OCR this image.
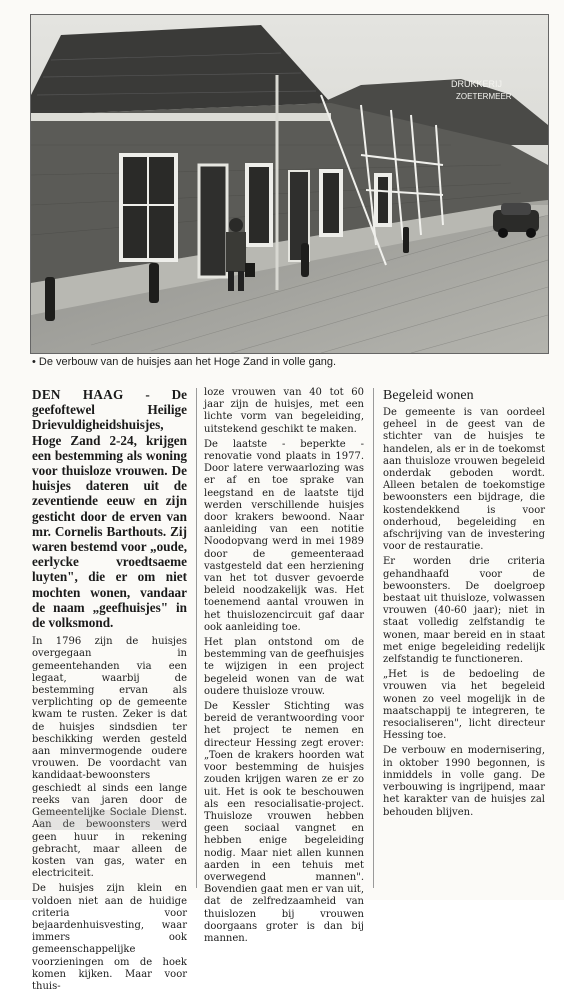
DRUKKERIJ
ZOETERMEER
• De verbouw van de huisjes aan het Hoge Zand in volle gang.

DEN HAAG - De geefoftewel Heilige Drievuldigheidshuisjes, Hoge Zand 2-24, krijgen een bestemming als woning voor thuisloze vrouwen. De huisjes dateren uit de zeventiende eeuw en zijn gesticht door de erven van mr. Cornelis Barthouts. Zij waren bestemd voor „oude, eerlycke vroedtsaeme luyten", die er om niet mochten wonen, vandaar de naam „geefhuisjes" in de volksmond.

In 1796 zijn de huisjes overgegaan in gemeentehanden via een legaat, waarbij de bestemming ervan als verplichting op de gemeente kwam te rusten. Zeker is dat de huisjes sindsdien ter beschikking werden gesteld aan minvermogende oudere vrouwen. De voordacht van kandidaat-bewoonsters geschiedt al sinds een lange reeks van jaren door de Gemeentelijke Sociale Dienst. Aan de bewoonsters werd geen huur in rekening gebracht, maar alleen de kosten van gas, water en electriciteit.

De huisjes zijn klein en voldoen niet aan de huidige criteria voor bejaardenhuisvesting, waar immers ook gemeenschappelijke voorzieningen om de hoek komen kijken. Maar voor thuis-

loze vrouwen van 40 tot 60 jaar zijn de huisjes, met een lichte vorm van begeleiding, uitstekend geschikt te maken.

De laatste - beperkte - renovatie vond plaats in 1977. Door latere verwaarlozing was er af en toe sprake van leegstand en de laatste tijd werden verschillende huisjes door krakers bewoond. Naar aanleiding van een notitie Noodopvang werd in mei 1989 door de gemeenteraad vastgesteld dat een herziening van het tot dusver gevoerde beleid noodzakelijk was. Het toenemend aantal vrouwen in het thuislozencircuit gaf daar ook aanleiding toe.

Het plan ontstond om de bestemming van de geefhuisjes te wijzigen in een project begeleid wonen van de wat oudere thuisloze vrouw.

De Kessler Stichting was bereid de verantwoording voor het project te nemen en directeur Hessing zegt erover: „Toen de krakers hoorden wat voor bestemming de huisjes zouden krijgen waren ze er zo uit. Het is ook te beschouwen als een resocialisatie-project. Thuisloze vrouwen hebben geen sociaal vangnet en hebben enige begeleiding nodig. Maar niet allen kunnen aarden in een tehuis met overwegend mannen". Bovendien gaat men er van uit, dat de zelfredzaamheid van thuislozen bij vrouwen doorgaans groter is dan bij mannen.

Begeleid wonen

De gemeente is van oordeel geheel in de geest van de stichter van de huisjes te handelen, als er in de toekomst aan thuisloze vrouwen begeleid onderdak geboden wordt. Alleen betalen de toekomstige bewoonsters een bijdrage, die kostendekkend is voor onderhoud, begeleiding en afschrijving van de investering voor de restauratie.

Er worden drie criteria gehandhaafd voor de bewoonsters. De doelgroep bestaat uit thuisloze, volwassen vrouwen (40-60 jaar); niet in staat volledig zelfstandig te wonen, maar bereid en in staat met enige begeleiding redelijk zelfstandig te functioneren.

„Het is de bedoeling de vrouwen via het begeleid wonen zo veel mogelijk in de maatschappij te integreren, te resocialiseren", licht directeur Hessing toe.

De verbouw en modernisering, in oktober 1990 begonnen, is inmiddels in volle gang. De verbouwing is ingrijpend, maar het karakter van de huisjes zal behouden blijven.
